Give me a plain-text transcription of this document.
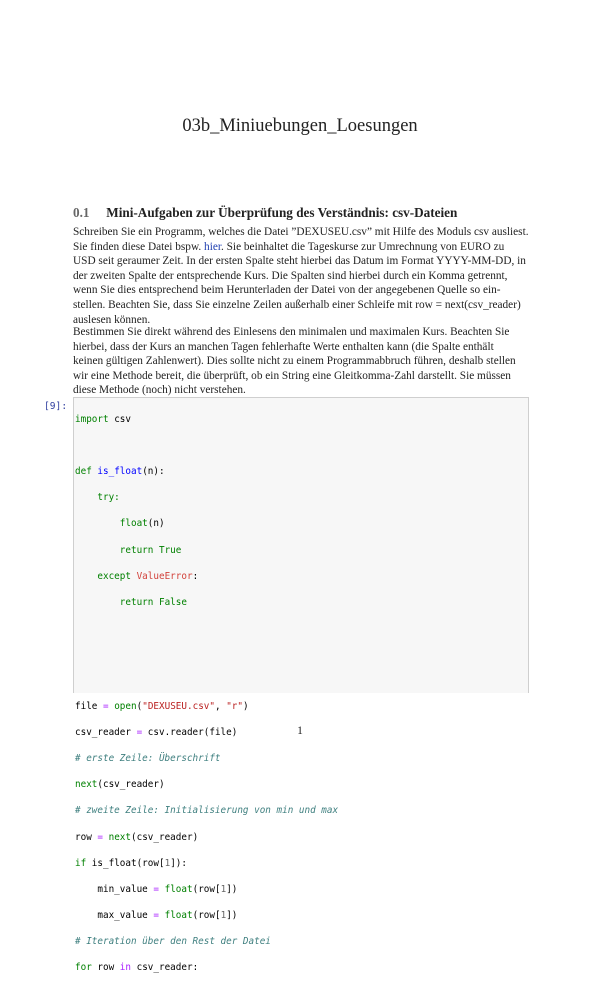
03b_Miniuebungen_Loesungen
0.1 Mini-Aufgaben zur Überprüfung des Verständnis: csv-Dateien

Schreiben Sie ein Programm, welches die Datei ”DEXUSEU.csv” mit Hilfe des Moduls csv ausliest.
Sie finden diese Datei bspw. hier. Sie beinhaltet die Tageskurse zur Umrechnung von EURO zu
USD seit geraumer Zeit. In der ersten Spalte steht hierbei das Datum im Format YYYY-MM-DD, in
der zweiten Spalte der entsprechende Kurs. Die Spalten sind hierbei durch ein Komma getrennt,
wenn Sie dies entsprechend beim Herunterladen der Datei von der angegebenen Quelle so ein-
stellen. Beachten Sie, dass Sie einzelne Zeilen außerhalb einer Schleife mit row = next(csv_reader)
auslesen können.

Bestimmen Sie direkt während des Einlesens den minimalen und maximalen Kurs. Beachten Sie
hierbei, dass der Kurs an manchen Tagen fehlerhafte Werte enthalten kann (die Spalte enthält
keinen gültigen Zahlenwert). Dies sollte nicht zu einem Programmabbruch führen, deshalb stellen
wir eine Methode bereit, die überprüft, ob ein String eine Gleitkomma-Zahl darstellt. Sie müssen
diese Methode (noch) nicht verstehen.

[9]:

import csv

def is_float(n):

try:

float(n)

return True

except ValueError:

return False

file = open("DEXUSEU.csv", "r")

csv_reader = csv.reader(file)

# erste Zeile: Überschrift

next(csv_reader)

# zweite Zeile: Initialisierung von min und max

row = next(csv_reader)

if is_float(row[1]):

min_value = float(row[1])

max_value = float(row[1])

# Iteration über den Rest der Datei

for row in csv_reader:

1
